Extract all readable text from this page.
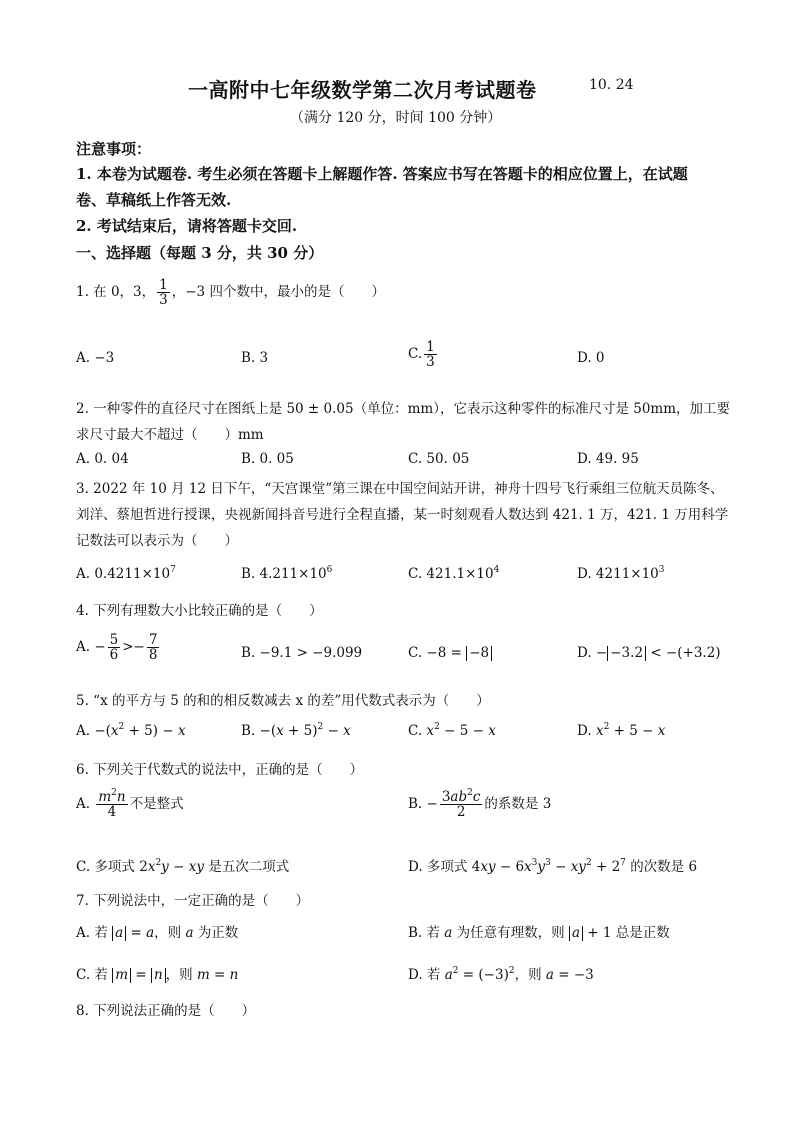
一高附中七年级数学第二次月考试题卷	10. 24
（满分 120 分，时间 100 分钟）
注意事项：
1. 本卷为试题卷. 考生必须在答题卡上解题作答. 答案应书写在答题卡的相应位置上，在试题
卷、草稿纸上作答无效.
2. 考试结束后，请将答题卡交回.
一、选择题（每题 3 分，共 30 分）
1. 在 0，3， $\frac{1}{3}$ ，−3 四个数中，最小的是（　　）
A. −3	B. 3	C. $\frac{1}{3}$	D. 0
2. 一种零件的直径尺寸在图纸上是 50 ± 0.05（单位：mm），它表示这种零件的标准尺寸是 50mm，加工要
求尺寸最大不超过（　　）mm
A. 0. 04	B. 0. 05	C. 50. 05	D. 49. 95
3. 2022 年 10 月 12 日下午，“天宫课堂”第三课在中国空间站开讲，神舟十四号飞行乘组三位航天员陈冬、
刘洋、蔡旭哲进行授课，央视新闻抖音号进行全程直播，某一时刻观看人数达到 421. 1 万，421. 1 万用科学
记数法可以表示为（　　）
A. $0.4211\times 10^7$	B. $4.211\times 10^6$	C. $421.1\times 10^4$	D. $4211\times 10^3$
4. 下列有理数大小比较正确的是（　　）
A. − $\frac{5}{6} >- \frac{7}{8}$	B. −9.1 > −9.099	C. −8 = −8	D. − −3.2 < −(+3.2)
5. “x 的平方与 5 的和的相反数减去 x 的差”用代数式表示为（　　）
A. $-(x^2 + 5) - x$	B. $-(x + 5)^2 - x$	C. $x^2 - 5 - x$	D. $x^2 + 5 - x$
6. 下列关于代数式的说法中，正确的是（　　）
A. $\frac{m^2n}{4}$ 不是整式	B. − $\frac{3ab^2c}{2}$ 的系数是 3
C. 多项式 $2x^2y$ − xy 是五次二项式	D. 多项式 $4xy - 6x^3y^3 - xy^2 + 2^7$ 的次数是 6
7. 下列说法中，一定正确的是（　　）
A. 若 a = a，则 a 为正数	B. 若 a 为任意有理数，则 a + 1 总是正数
C. 若 m = n ，则 m = n	D. 若 $a^2 = (-3)^2$，则 a = −3
8. 下列说法正确的是（　　）
